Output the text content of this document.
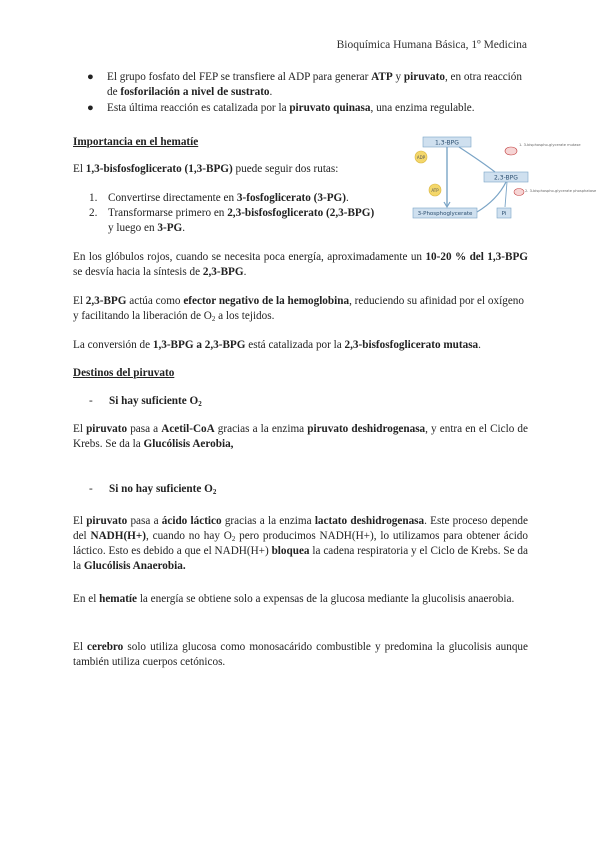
Bioquímica Humana Básica, 1º Medicina
● El grupo fosfato del FEP se transfiere al ADP para generar ATP y piruvato, en otra reacción de fosforilación a nivel de sustrato.
● Esta última reacción es catalizada por la piruvato quinasa, una enzima regulable.
Importancia en el hematíe
El 1,3-bisfosfoglicerato (1,3-BPG) puede seguir dos rutas:
1. Convertirse directamente en 3-fosfoglicerato (3-PG).
2. Transformarse primero en 2,3-bisfosfoglicerato (2,3-BPG)
y luego en 3-PG.
1,3-BPG
2,3-BPG
3-Phosphoglycerate	Pi
ADP
ATP
1. 3-bisphospho-glycerate mutase
2. 3-bisphospho-glycerate phosphatase
En los glóbulos rojos, cuando se necesita poca energía, aproximadamente un 10-20 % del 1,3-BPG se desvía hacia la síntesis de 2,3-BPG.
El 2,3-BPG actúa como efector negativo de la hemoglobina, reduciendo su afinidad por el oxígeno y facilitando la liberación de $O_2$ a los tejidos.
La conversión de 1,3-BPG a 2,3-BPG está catalizada por la 2,3-bisfosfoglicerato mutasa.
Destinos del piruvato
- Si hay suficiente $O_2$
El piruvato pasa a Acetil-CoA gracias a la enzima piruvato deshidrogenasa, y entra en el Ciclo de Krebs. Se da la Glucólisis Aerobia,
- Si no hay suficiente $O_2$
El piruvato pasa a ácido láctico gracias a la enzima lactato deshidrogenasa. Este proceso depende del NADH(H+), cuando no hay $O_2$ pero producimos NADH(H+), lo utilizamos para obtener ácido láctico. Esto es debido a que el NADH(H+) bloquea la cadena respiratoria y el Ciclo de Krebs. Se da la Glucólisis Anaerobia.
En el hematíe la energía se obtiene solo a expensas de la glucosa mediante la glucolisis anaerobia.
El cerebro solo utiliza glucosa como monosacárido combustible y predomina la glucolisis aunque también utiliza cuerpos cetónicos.
